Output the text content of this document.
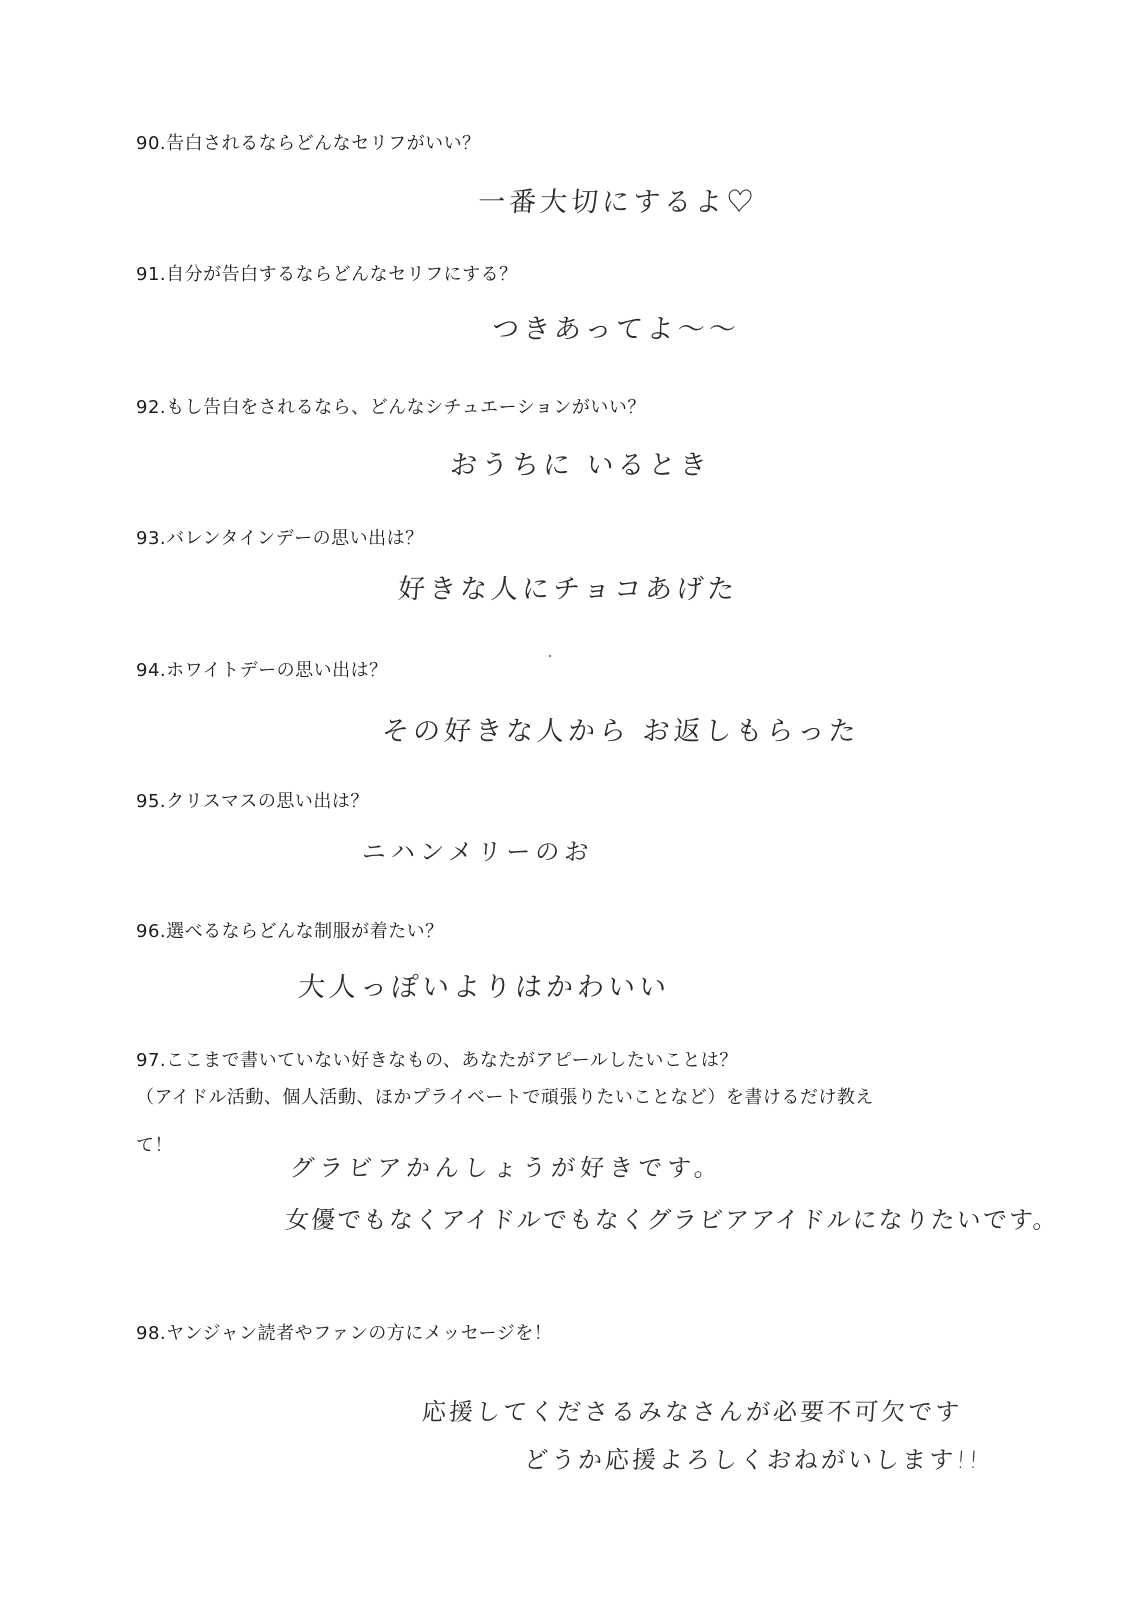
90.告白されるならどんなセリフがいい？
一番大切にするよ♡
91.自分が告白するならどんなセリフにする？
つきあってよ〜〜
92.もし告白をされるなら、どんなシチュエーションがいい？
おうちに いるとき
93.バレンタインデーの思い出は？
好きな人にチョコあげた
94.ホワイトデーの思い出は？
その好きな人から お返しもらった
95.クリスマスの思い出は？
ニハンメリーのお
96.選べるならどんな制服が着たい？
大人っぽいよりはかわいい
97.ここまで書いていない好きなもの、あなたがアピールしたいことは？
（アイドル活動、個人活動、ほかプライベートで頑張りたいことなど）を書けるだけ教え
て！
グラビアかんしょうが好きです。
女優でもなくアイドルでもなくグラビアアイドルになりたいです。
98.ヤンジャン読者やファンの方にメッセージを！
応援してくださるみなさんが必要不可欠です
どうか応援よろしくおねがいします!!
